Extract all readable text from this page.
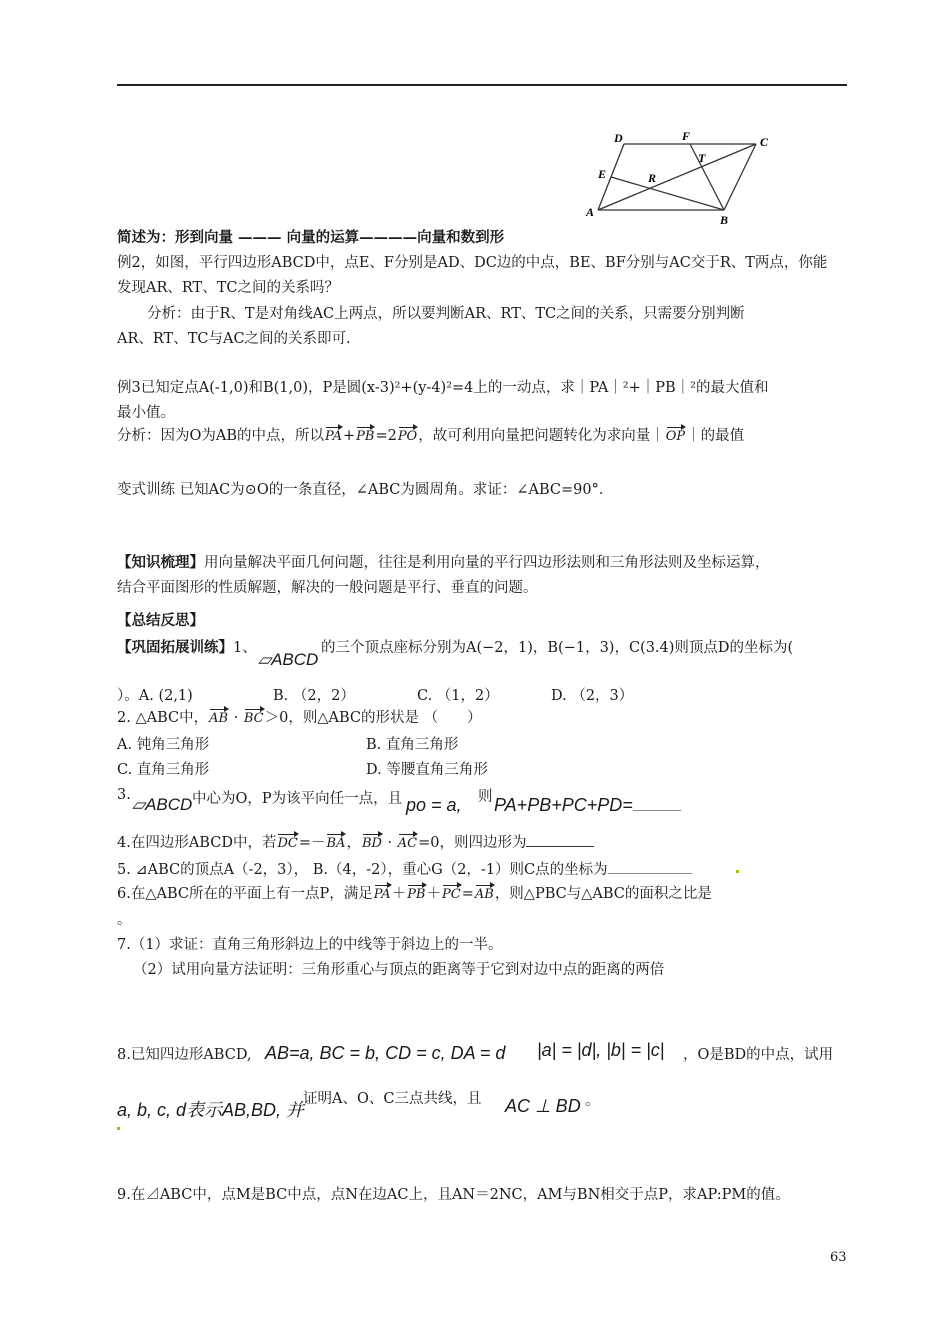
A
B
C
D
E
F
R
T
简述为：形到向量 ——— 向量的运算————向量和数到形
例2，如图，平行四边形ABCD中，点E、F分别是AD、DC边的中点，BE、BF分别与AC交于R、T两点，你能
发现AR、RT、TC之间的关系吗？
分析：由于R、T是对角线AC上两点，所以要判断AR、RT、TC之间的关系，只需要分别判断
AR、RT、TC与AC之间的关系即可.
例3已知定点A(-1,0)和B(1,0)，P是圆(x-3)²+(y-4)²=4上的一动点，求｜PA｜²+｜PB｜²的最大值和
最小值。
分析：因为O为AB的中点，所以PA+PB=2PO，故可利用向量把问题转化为求向量｜OP｜的最值
变式训练 已知AC为⊙O的一条直径，∠ABC为圆周角。求证：∠ABC=90°．
【知识梳理】用向量解决平面几何问题，往往是利用向量的平行四边形法则和三角形法则及坐标运算，
结合平面图形的性质解题，解决的一般问题是平行、垂直的问题。
【总结反思】
【巩固拓展训练】1、
▱ABCD
的三个顶点座标分别为A(−2，1)，B(−1，3)，C(3.4)则顶点D的坐标为(
）。A. (2,1)	B. （2，2）	C. （1，2）	D. （2，3）
2. △ABC中，AB · BC＞0，则△ABC的形状是 （　　）
A. 钝角三角形	B. 直角三角形
C. 直角三角形	D. 等腰直角三角形
3. ▱ABCD 中心为O，P为该平向任一点，且 po = a, 则 PA+PB+PC+PD=
4.在四边形ABCD中，若DC=－BA，BD · AC=0，则四边形为
5. ⊿ABC的顶点A（-2，3）， B.（4，-2），重心G（2，-1）则C点的坐标为
6.在△ABC所在的平面上有一点P，满足PA＋PB＋PC=AB，则△PBC与△ABC的面积之比是
。
7.（1）求证：直角三角形斜边上的中线等于斜边上的一半。
（2）试用向量方法证明：三角形重心与顶点的距离等于它到对边中点的距离的两倍
8.已知四边形ABCD, AB=a, BC = b, CD = c, DA = d |a| = |d|, |b| = |c| ，O是BD的中点，试用
a, b, c, d表示AB,BD, 并
证明A、O、C三点共线，且 AC ⊥ BD 。
9.在⊿ABC中，点M是BC中点，点N在边AC上，且AN＝2NC，AM与BN相交于点P，求AP:PM的值。
63
